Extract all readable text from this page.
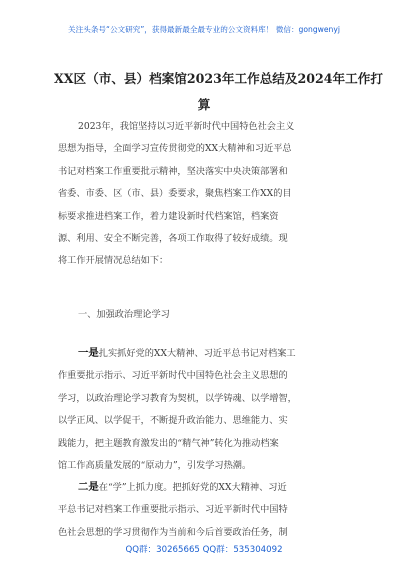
关注头条号“公文研究”，获得最新最全最专业的公文资料库！ 微信：gongwenyj
XX区（市、县）档案馆2023年工作总结及2024年工作打
算

2023年，我馆坚持以习近平新时代中国特色社会主义
思想为指导，全面学习宣传贯彻党的XX大精神和习近平总
书记对档案工作重要批示精神，坚决落实中央决策部署和
省委、市委、区（市、县）委要求，聚焦档案工作XX的目
标要求推进档案工作，着力建设新时代档案馆，档案资
源、利用、安全不断完善，各项工作取得了较好成绩。现
将工作开展情况总结如下：

一、加强政治理论学习

一是扎实抓好党的XX大精神、习近平总书记对档案工
作重要批示指示、习近平新时代中国特色社会主义思想的
学习，以政治理论学习教育为契机，以学铸魂、以学增智，
以学正风、以学促干，不断提升政治能力、思维能力、实
践能力，把主题教育激发出的“精气神”转化为推动档案
馆工作高质量发展的“原动力”，引发学习热潮。

二是在“学”上抓力度。把抓好党的XX大精神、习近
平总书记对档案工作重要批示指示、习近平新时代中国特
色社会思想的学习贯彻作为当前和今后首要政治任务，制

QQ群：30265665 QQ群：535304092
